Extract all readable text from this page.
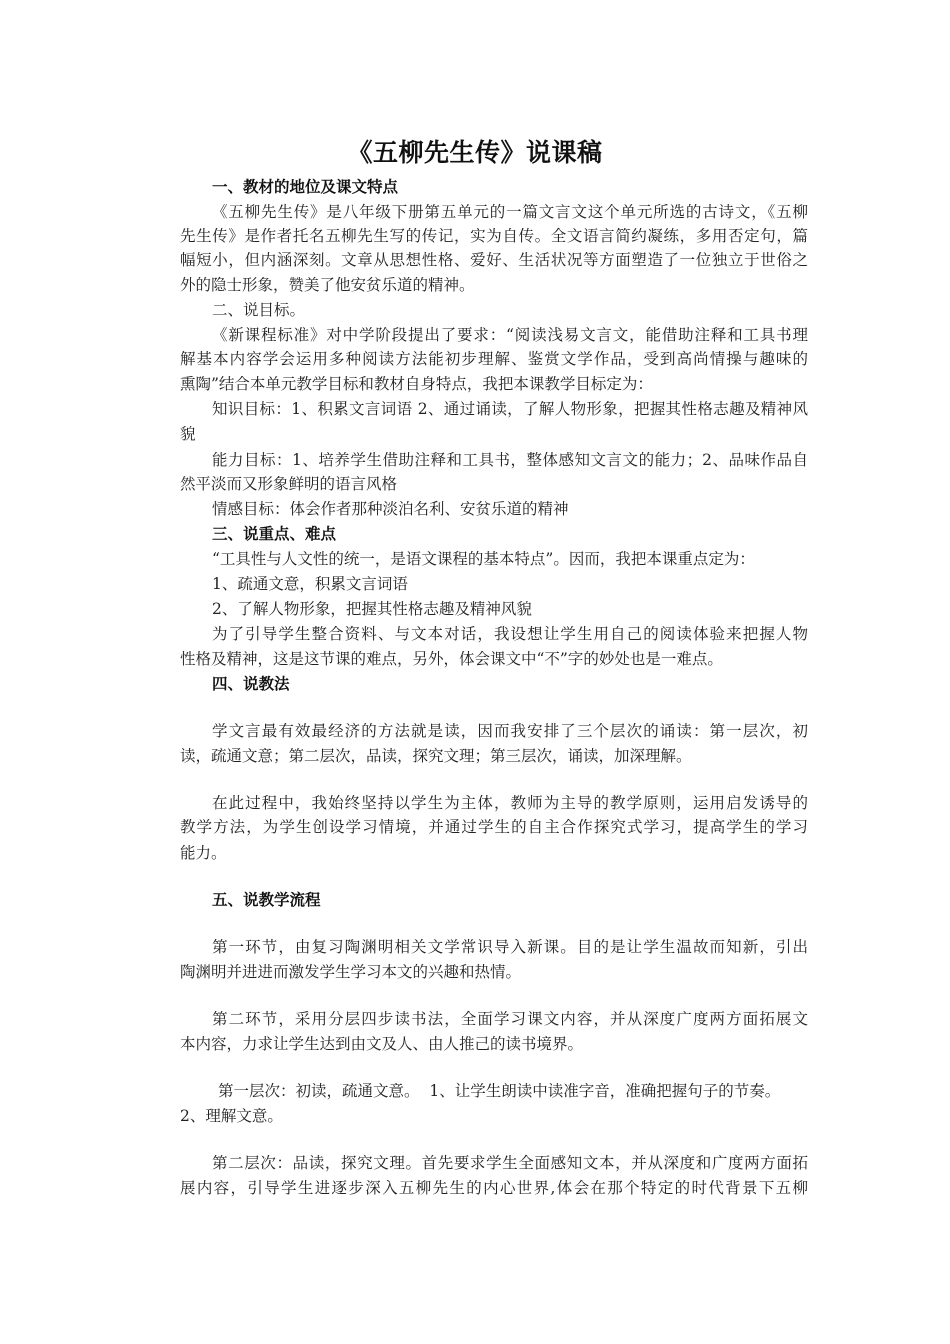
《五柳先生传》说课稿
一、教材的地位及课文特点
《五柳先生传》是八年级下册第五单元的一篇文言文这个单元所选的古诗文，《五柳
先生传》是作者托名五柳先生写的传记，实为自传。全文语言简约凝练，多用否定句，篇
幅短小，但内涵深刻。文章从思想性格、爱好、生活状况等方面塑造了一位独立于世俗之
外的隐士形象，赞美了他安贫乐道的精神。
二、说目标。
《新课程标准》对中学阶段提出了要求：“阅读浅易文言文，能借助注释和工具书理
解基本内容学会运用多种阅读方法能初步理解、鉴赏文学作品，受到高尚情操与趣味的
熏陶”结合本单元教学目标和教材自身特点，我把本课教学目标定为：
知识目标：1、积累文言词语 2、通过诵读，了解人物形象，把握其性格志趣及精神风
貌
能力目标：1、培养学生借助注释和工具书，整体感知文言文的能力；2、品味作品自
然平淡而又形象鲜明的语言风格
情感目标：体会作者那种淡泊名利、安贫乐道的精神
三、说重点、难点
“工具性与人文性的统一，是语文课程的基本特点”。因而，我把本课重点定为：
1、疏通文意，积累文言词语
2、了解人物形象，把握其性格志趣及精神风貌
为了引导学生整合资料、与文本对话，我设想让学生用自己的阅读体验来把握人物
性格及精神，这是这节课的难点，另外，体会课文中“不”字的妙处也是一难点。
四、说教法
学文言最有效最经济的方法就是读，因而我安排了三个层次的诵读：第一层次，初
读，疏通文意；第二层次，品读，探究文理；第三层次，诵读，加深理解。
在此过程中，我始终坚持以学生为主体，教师为主导的教学原则，运用启发诱导的
教学方法，为学生创设学习情境，并通过学生的自主合作探究式学习，提高学生的学习
能力。
五、说教学流程
第一环节，由复习陶渊明相关文学常识导入新课。目的是让学生温故而知新，引出
陶渊明并进进而激发学生学习本文的兴趣和热情。
第二环节，采用分层四步读书法，全面学习课文内容，并从深度广度两方面拓展文
本内容，力求让学生达到由文及人、由人推己的读书境界。
第一层次：初读，疏通文意。  1、让学生朗读中读准字音，准确把握句子的节奏。
2、理解文意。
第二层次：品读，探究文理。首先要求学生全面感知文本，并从深度和广度两方面拓
展内容，引导学生进逐步深入五柳先生的内心世界,体会在那个特定的时代背景下五柳
